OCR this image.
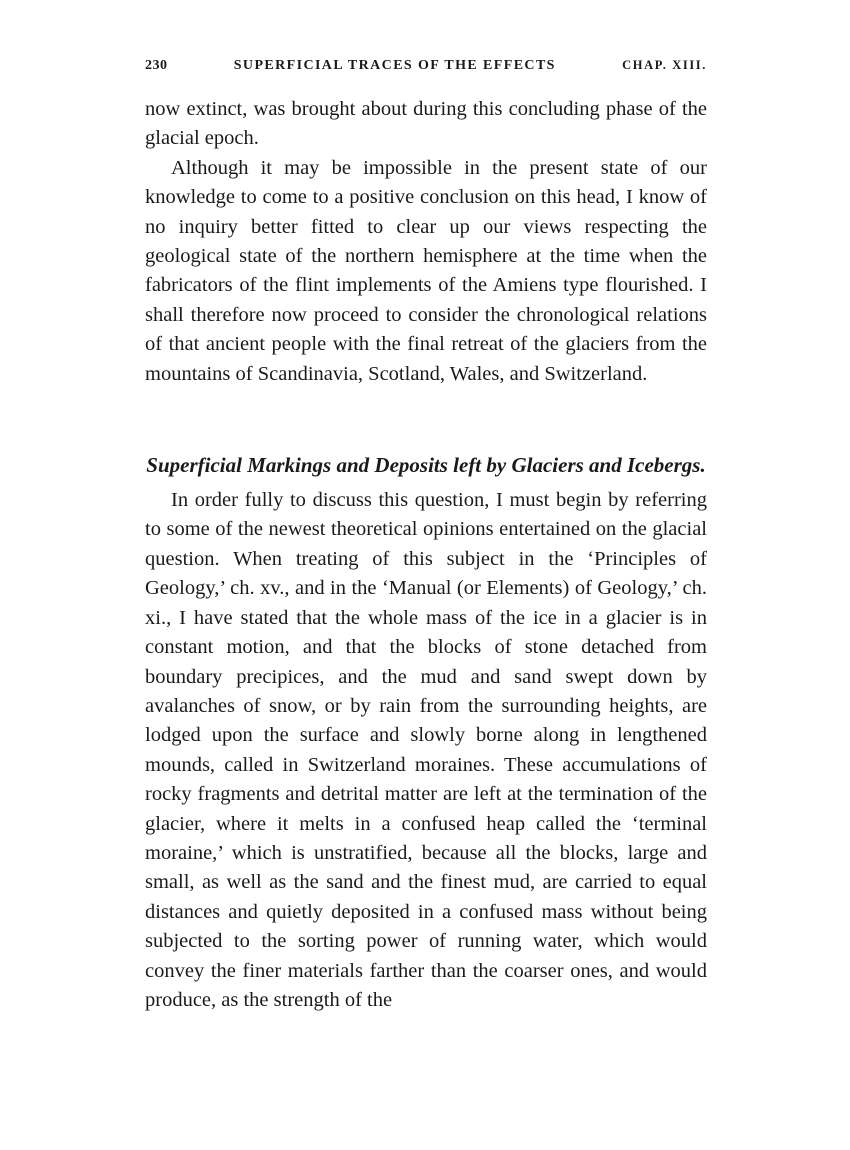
230	SUPERFICIAL TRACES OF THE EFFECTS	CHAP. XIII.

now extinct, was brought about during this concluding phase of the glacial epoch.

Although it may be impossible in the present state of our knowledge to come to a positive conclusion on this head, I know of no inquiry better fitted to clear up our views respecting the geological state of the northern hemisphere at the time when the fabricators of the flint implements of the Amiens type flourished. I shall therefore now proceed to consider the chronological relations of that ancient people with the final retreat of the glaciers from the mountains of Scandinavia, Scotland, Wales, and Switzerland.

Superficial Markings and Deposits left by Glaciers and Icebergs.

In order fully to discuss this question, I must begin by referring to some of the newest theoretical opinions entertained on the glacial question. When treating of this subject in the ‘Principles of Geology,’ ch. xv., and in the ‘Manual (or Elements) of Geology,’ ch. xi., I have stated that the whole mass of the ice in a glacier is in constant motion, and that the blocks of stone detached from boundary precipices, and the mud and sand swept down by avalanches of snow, or by rain from the surrounding heights, are lodged upon the surface and slowly borne along in lengthened mounds, called in Switzerland moraines. These accumulations of rocky fragments and detrital matter are left at the termination of the glacier, where it melts in a confused heap called the ‘terminal moraine,’ which is unstratified, because all the blocks, large and small, as well as the sand and the finest mud, are carried to equal distances and quietly deposited in a confused mass without being subjected to the sorting power of running water, which would convey the finer materials farther than the coarser ones, and would produce, as the strength of the
